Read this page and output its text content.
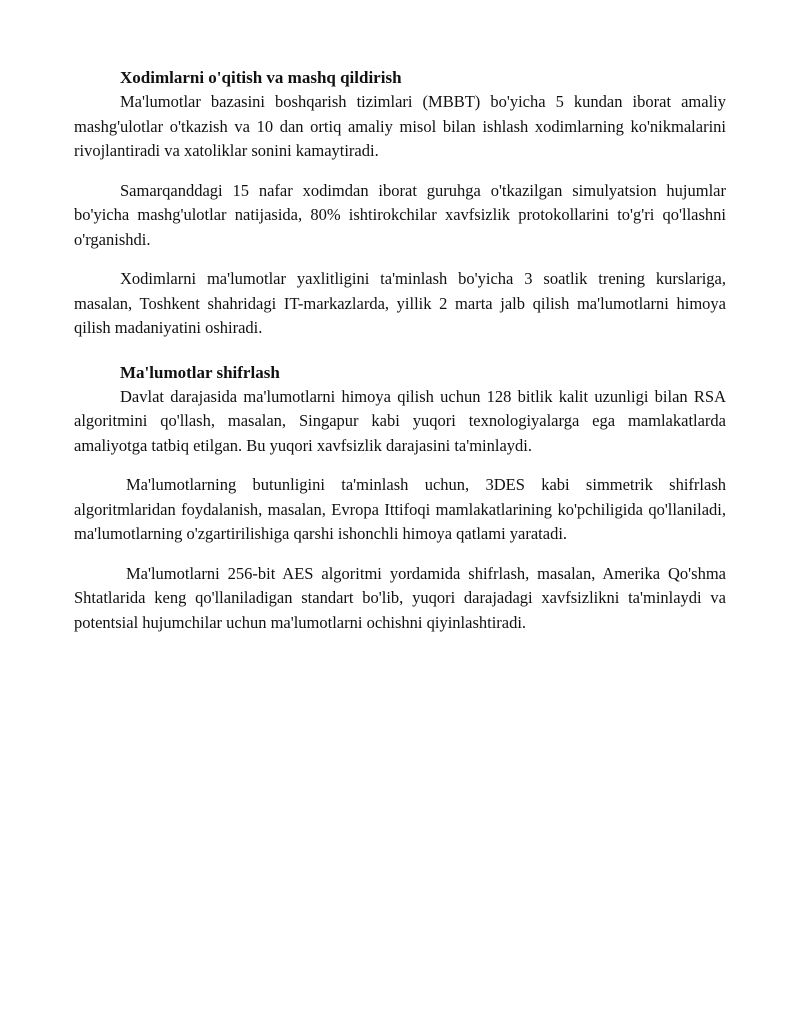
Xodimlarni o'qitish va mashq qildirish

Ma'lumotlar bazasini boshqarish tizimlari (MBBT) bo'yicha 5 kundan iborat amaliy mashg'ulotlar o'tkazish va 10 dan ortiq amaliy misol bilan ishlash xodimlarning ko'nikmalarini rivojlantiradi va xatoliklar sonini kamaytiradi.

Samarqanddagi 15 nafar xodimdan iborat guruhga o'tkazilgan simulyatsion hujumlar bo'yicha mashg'ulotlar natijasida, 80% ishtirokchilar xavfsizlik protokollarini to'g'ri qo'llashni o'rganishdi.

Xodimlarni ma'lumotlar yaxlitligini ta'minlash bo'yicha 3 soatlik trening kurslariga, masalan, Toshkent shahridagi IT-markazlarda, yillik 2 marta jalb qilish ma'lumotlarni himoya qilish madaniyatini oshiradi.

Ma'lumotlar shifrlash

Davlat darajasida ma'lumotlarni himoya qilish uchun 128 bitlik kalit uzunligi bilan RSA algoritmini qo'llash, masalan, Singapur kabi yuqori texnologiyalarga ega mamlakatlarda amaliyotga tatbiq etilgan. Bu yuqori xavfsizlik darajasini ta'minlaydi.

Ma'lumotlarning butunligini ta'minlash uchun, 3DES kabi simmetrik shifrlash algoritmlaridan foydalanish, masalan, Evropa Ittifoqi mamlakatlarining ko'pchiligida qo'llaniladi, ma'lumotlarning o'zgartirilishiga qarshi ishonchli himoya qatlami yaratadi.

Ma'lumotlarni 256-bit AES algoritmi yordamida shifrlash, masalan, Amerika Qo'shma Shtatlarida keng qo'llaniladigan standart bo'lib, yuqori darajadagi xavfsizlikni ta'minlaydi va potentsial hujumchilar uchun ma'lumotlarni ochishni qiyinlashtiradi.
